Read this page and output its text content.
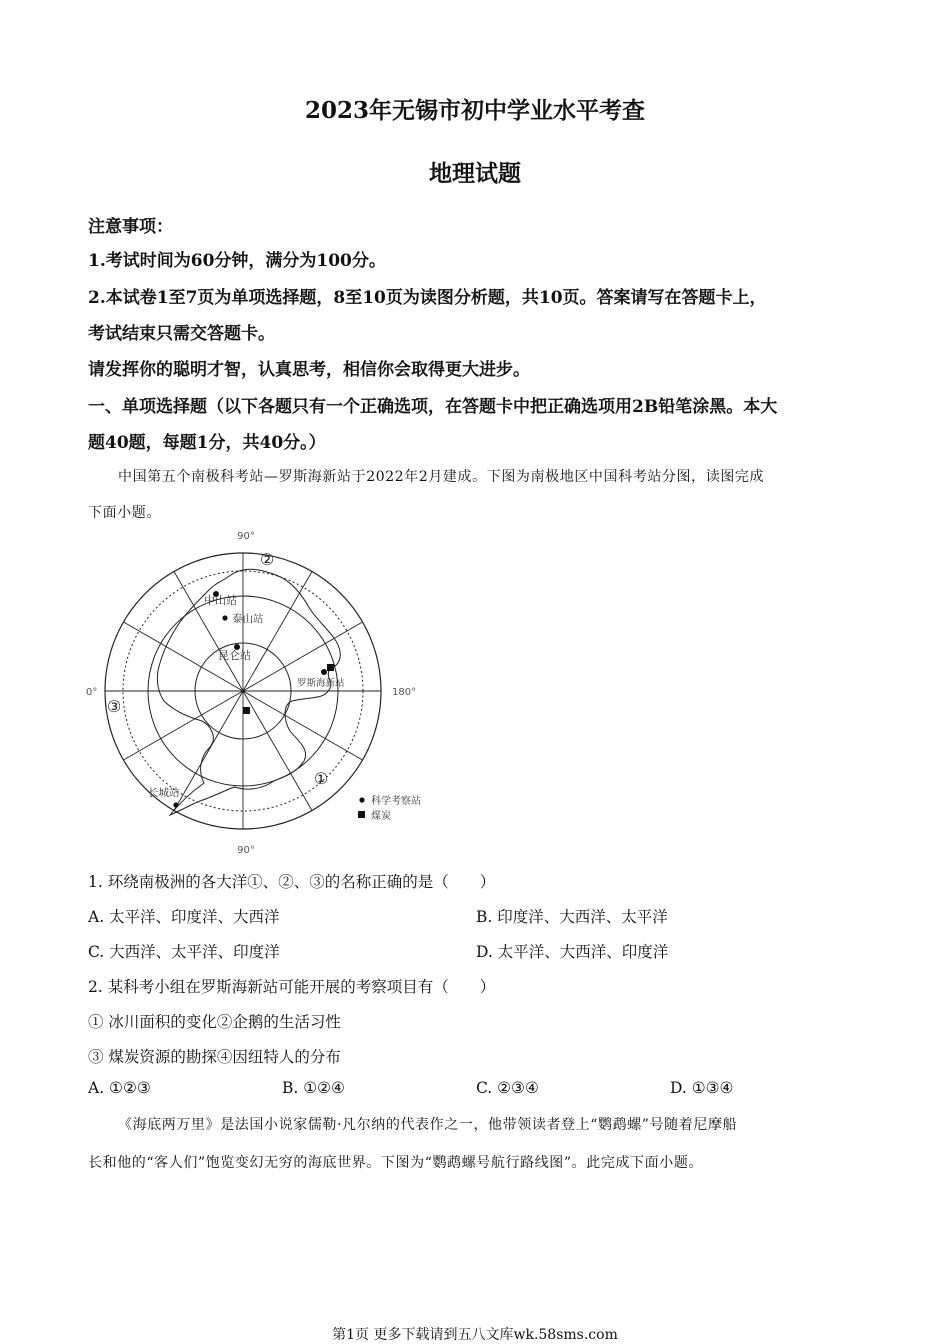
2023年无锡市初中学业水平考查
地理试题
注意事项：
1.考试时间为60分钟，满分为100分。
2.本试卷1至7页为单项选择题，8至10页为读图分析题，共10页。答案请写在答题卡上，
考试结束只需交答题卡。
请发挥你的聪明才智，认真思考，相信你会取得更大进步。
一、单项选择题（以下各题只有一个正确选项，在答题卡中把正确选项用2B铅笔涂黑。本大
题40题，每题1分，共40分。）
中国第五个南极科考站—罗斯海新站于2022年2月建成。下图为南极地区中国科考站分图，读图完成
下面小题。
90°
90°
0°	180°
②
③
①
中山站
泰山站
昆仑站
罗斯海新站
长城站
科学考察站
煤炭
1. 环绕南极洲的各大洋①、②、③的名称正确的是（　　）
A. 太平洋、印度洋、大西洋	B. 印度洋、大西洋、太平洋
C. 大西洋、太平洋、印度洋	D. 太平洋、大西洋、印度洋
2. 某科考小组在罗斯海新站可能开展的考察项目有（　　）
① 冰川面积的变化②企鹅的生活习性
③ 煤炭资源的勘探④因纽特人的分布
A. ①②③	B. ①②④	C. ②③④	D. ①③④
《海底两万里》是法国小说家儒勒·凡尔纳的代表作之一，他带领读者登上“鹦鹉螺”号随着尼摩船
长和他的“客人们”饱览变幻无穷的海底世界。下图为“鹦鹉螺号航行路线图”。此完成下面小题。
第1页 更多下载请到五八文库wk.58sms.com
